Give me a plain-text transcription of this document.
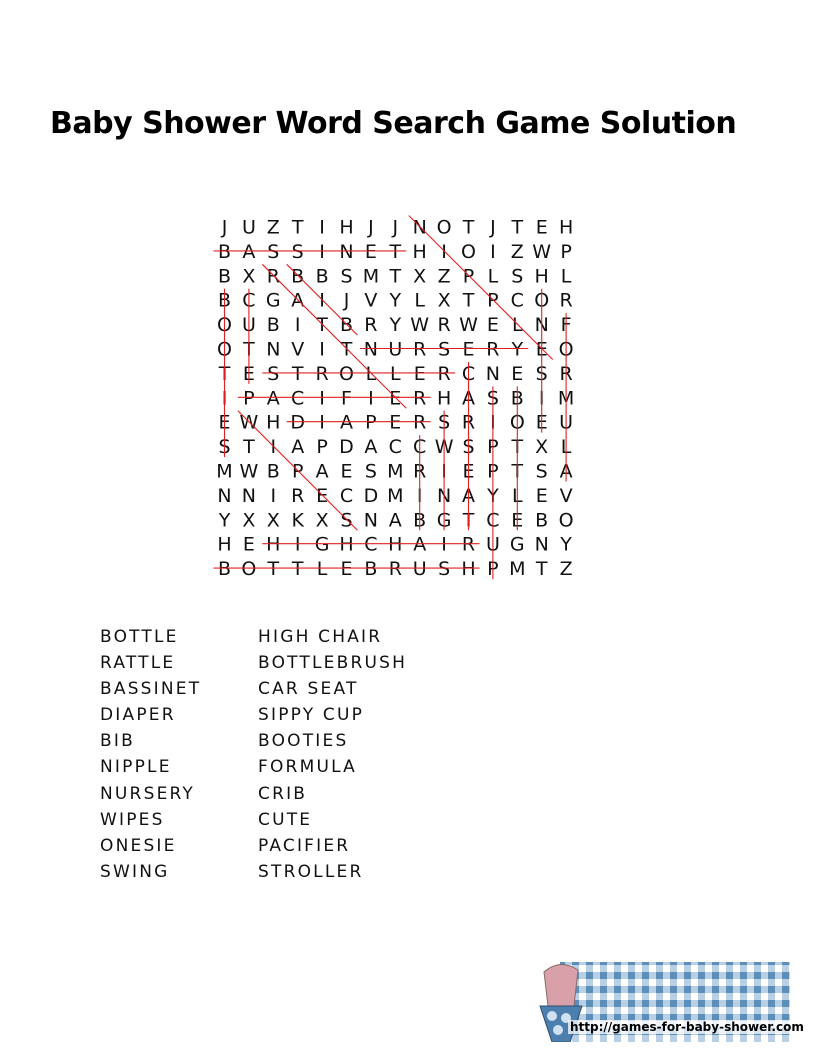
Baby Shower Word Search Game Solution
J U Z T I H J J N O T J T E H
B A S S I N E T H I O I Z W P
B X R B B S M T X Z P L S H L
B C G A I J V Y L X T P C O R
O U B I T B R Y W R W E L N F
O T N V I T N U R S E R Y E O
T E S T R O L L E R C N E S R
I P A C I F I E R H A S B I M
E W H D I A P E R S R I O E U
S T I A P D A C C W S P T X L
M W B P A E S M R I E P T S A
N N I R E C D M I N A Y L E V
Y X X K X S N A B G T C E B O
H E H I G H C H A I R U G N Y
B O T T L E B R U S H P M T Z
BOTTLE
RATTLE
BASSINET
DIAPER
BIB
NIPPLE
NURSERY
WIPES
ONESIE
SWING
HIGH CHAIR
BOTTLEBRUSH
CAR SEAT
SIPPY CUP
BOOTIES
FORMULA
CRIB
CUTE
PACIFIER
STROLLER
http://games-for-baby-shower.com
